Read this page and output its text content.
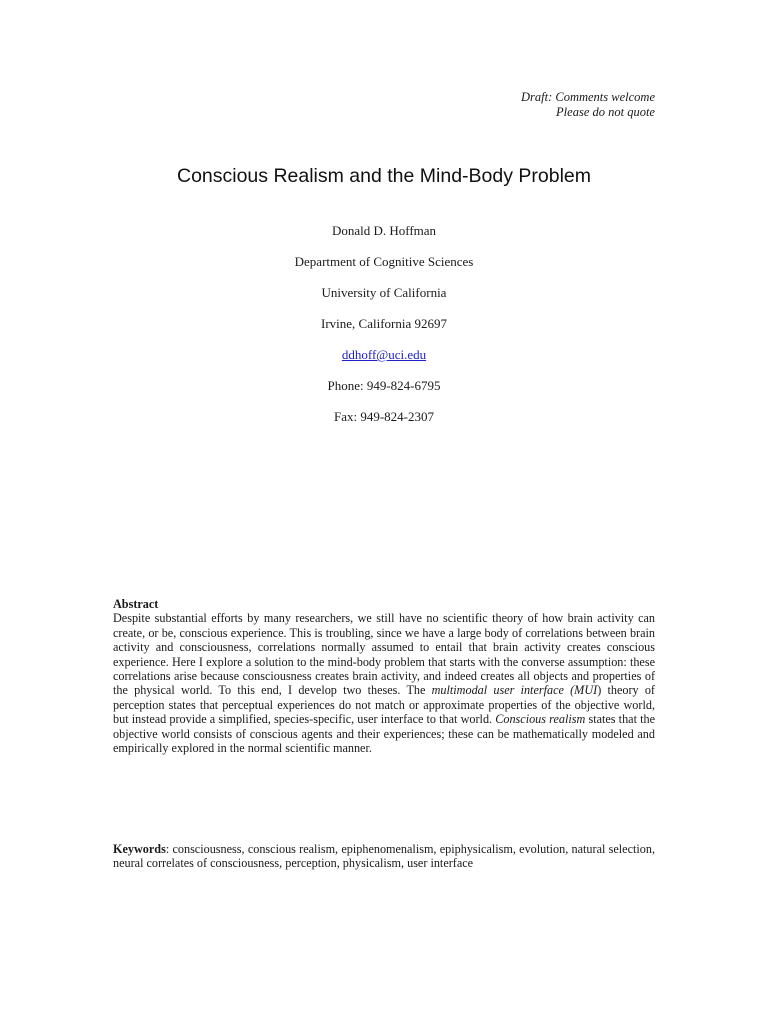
Draft: Comments welcome
Please do not quote
Conscious Realism and the Mind-Body Problem
Donald D. Hoffman
Department of Cognitive Sciences
University of California
Irvine, California 92697
ddhoff@uci.edu
Phone: 949-824-6795
Fax: 949-824-2307
Abstract
Despite substantial efforts by many researchers, we still have no scientific theory of how brain activity can create, or be, conscious experience. This is troubling, since we have a large body of correlations between brain activity and consciousness, correlations normally assumed to entail that brain activity creates conscious experience. Here I explore a solution to the mind-body problem that starts with the converse assumption: these correlations arise because consciousness creates brain activity, and indeed creates all objects and properties of the physical world. To this end, I develop two theses. The multimodal user interface (MUI) theory of perception states that perceptual experiences do not match or approximate properties of the objective world, but instead provide a simplified, species-specific, user interface to that world. Conscious realism states that the objective world consists of conscious agents and their experiences; these can be mathematically modeled and empirically explored in the normal scientific manner.
Keywords: consciousness, conscious realism, epiphenomenalism, epiphysicalism, evolution, natural selection, neural correlates of consciousness, perception, physicalism, user interface
